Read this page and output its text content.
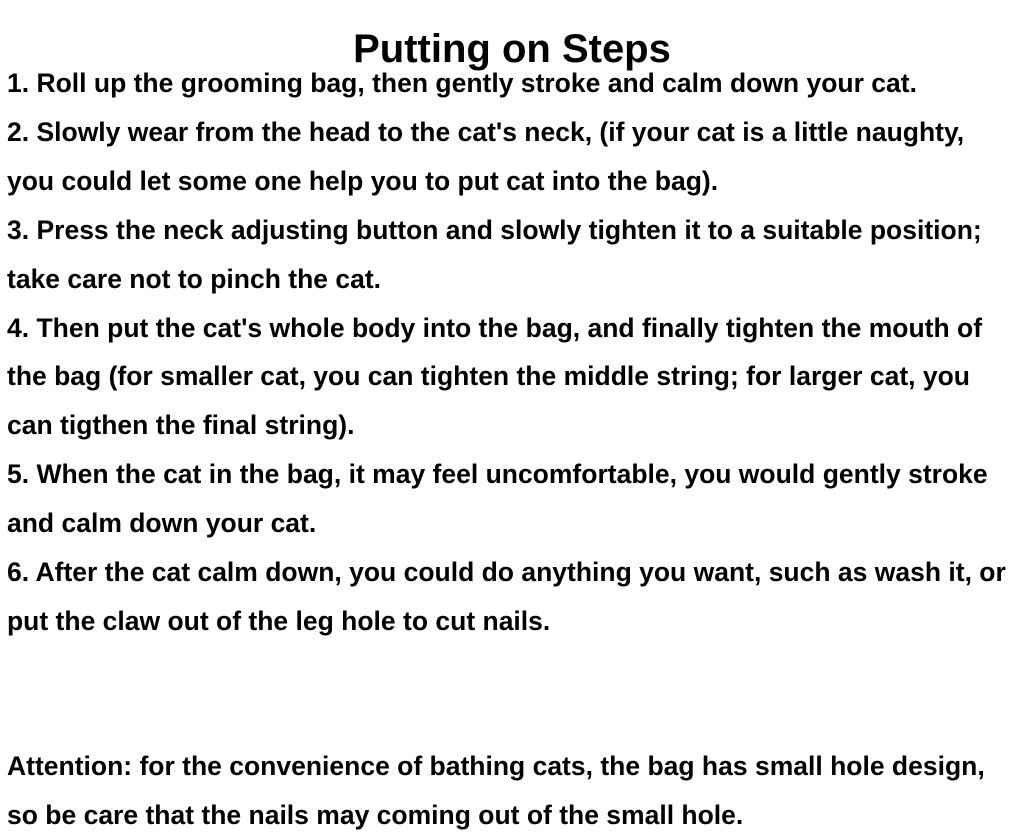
Putting on Steps
1. Roll up the grooming bag, then gently stroke and calm down your cat.
2. Slowly wear from the head to the cat's neck, (if your cat is a little naughty, you could let some one help you to put cat into the bag).
3. Press the neck adjusting button and slowly tighten it to a suitable position; take care not to pinch the cat.
4. Then put the cat's whole body into the bag, and finally tighten the mouth of the bag (for smaller cat, you can tighten the middle string; for larger cat, you can tigthen the final string).
5. When the cat in the bag, it may feel uncomfortable, you would gently stroke and calm down your cat.
6. After the cat calm down, you could do anything you want, such as wash it, or put the claw out of the leg hole to cut nails.

Attention: for the convenience of bathing cats, the bag has small hole design, so be care that the nails may coming out of the small hole.
